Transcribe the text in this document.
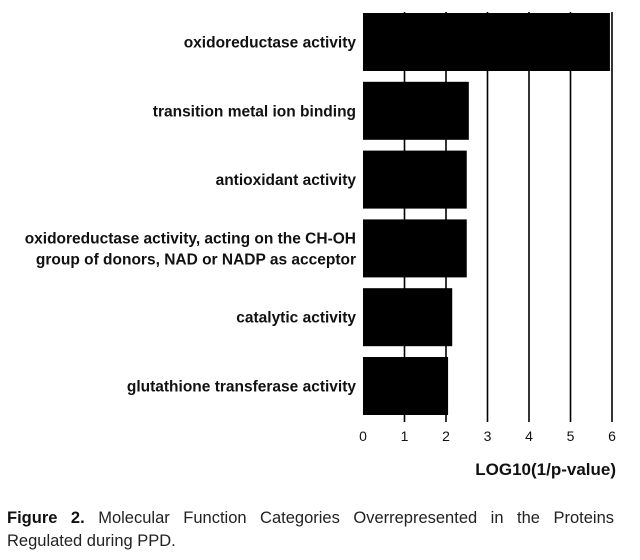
oxidoreductase activity
transition metal ion binding
antioxidant activity
oxidoreductase activity, acting on the CH-OH group of donors, NAD or NADP as acceptor
catalytic activity
glutathione transferase activity
0 1 2 3 4 5 6
LOG10(1/p-value)

Figure 2. Molecular Function Categories Overrepresented in the Proteins Regulated during PPD.
